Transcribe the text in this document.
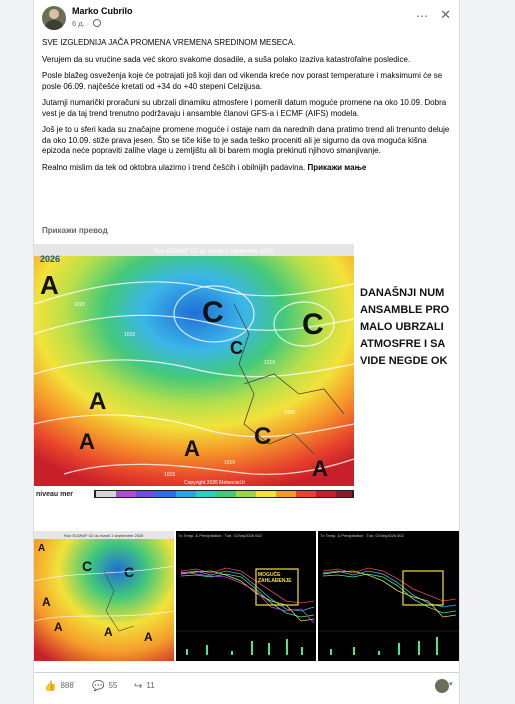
Marko Cubrilo
6 д. ·
⋯ ✕

SVE IZGLEDNIJA JAČA PROMENA VREMENA SREDINOM MESECA.

Verujem da su vrućine sada već skoro svakome dosadile, a suša polako izaziva katastrofalne posledice.

Posle blažeg osveženja koje će potrajati još koji dan od vikenda kreće nov porast temperature i maksimumi će se posle 06.09. najčešće kretati od +34 do +40 stepeni Celzijusa.

Jutarnji numarički proračuni su ubrzali dinamiku atmosfere i pomerili datum moguće promene na oko 10.09. Dobra vest je da taj trend trenutno podržavaju i ansamble članovi GFS-a i ECMF (AIFS) modela.

Još je to u sferi kada su značajne promene moguće i ostaje nam da narednih dana pratimo trend ali trenunto deluje da oko 10.09. stiže prava jesen. Što se tiče kiše to je sada teško proceniti ali je sigurno da ova moguća kišna epizoda neće popraviti zalihe vlage u zemljištu ali bi barem mogla prekinuti njihovo smanjivanje.

Realno mislim da tek od oktobra ulazimo i trend češćih i obilnijih padavina. Прикажи мање

Прикажи превод
Run ECMWF 0Z du mardi 1 septembre 2026
2026
A
C	C
A
A	C
C
A
A
1020
1015
1010
1005
1010
1015
Copyright 2026 Meteociel.fr
niveau mer
DANAŠNJI NUM
ANSAMBLE PRO
MALO UBRZALI
ATMOSFRE I SA
VIDE NEGDE OK
Run ECMWF 0Z du mardi 1 septembre 2026
C C
A
A	A	A
A
Tx Temp. & Precipitation : Tue, 01Sep2026 00Z
MOGUĆE
ZAHLAĐENJE
Tx Temp. & Precipitation : Tue, 01Sep2026 00Z
👍 888 💬 55 ↪ 11
▾
